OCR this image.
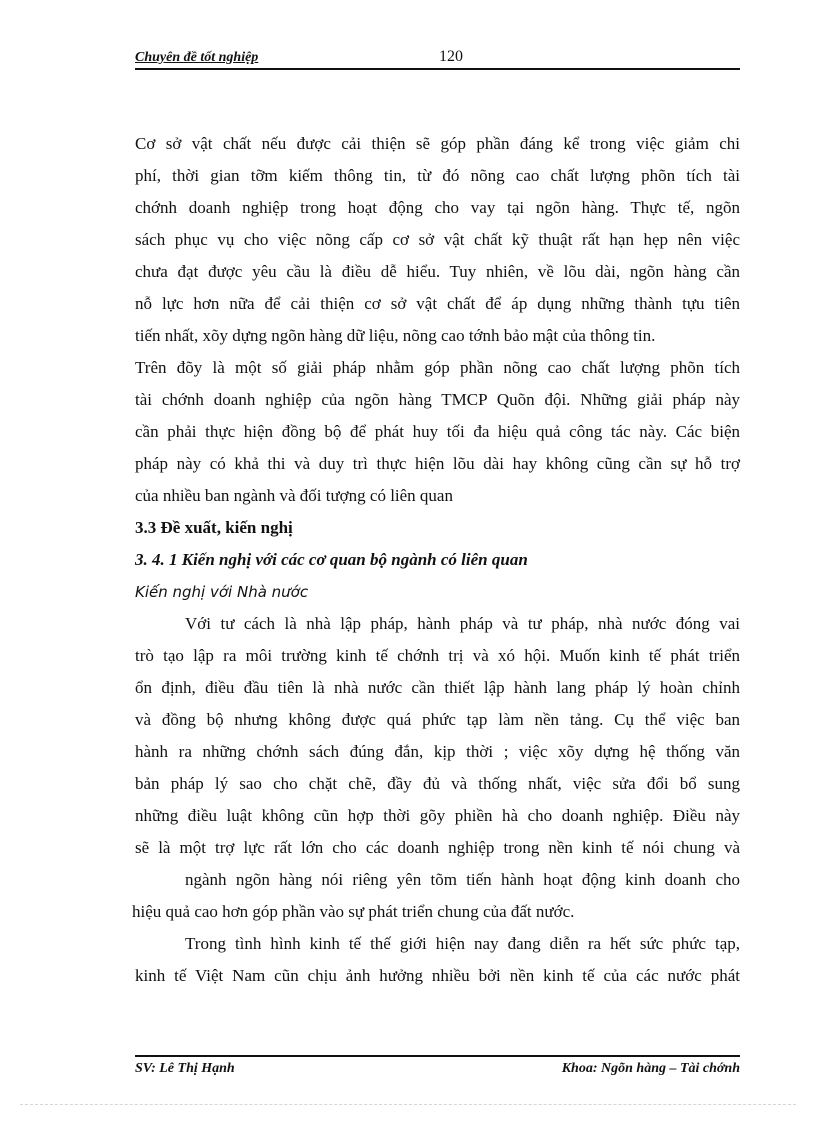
Chuyên đề tốt nghiệp	120
Cơ sở vật chất nếu được cải thiện sẽ góp phần đáng kể trong việc giảm chi
phí, thời gian tỡm kiếm thông tin, từ đó nõng cao chất lượng phõn tích tài
chớnh doanh nghiệp trong hoạt động cho vay tại ngõn hàng. Thực tế, ngõn
sách phục vụ cho việc nõng cấp cơ sở vật chất kỹ thuật rất hạn hẹp nên việc
chưa đạt được yêu cầu là điều dễ hiểu. Tuy nhiên, về lõu dài, ngõn hàng cần
nỗ lực hơn nữa để cải thiện cơ sở vật chất để áp dụng những thành tựu tiên
tiến nhất, xõy dựng ngõn hàng dữ liệu, nõng cao tớnh bảo mật của thông tin.
Trên đõy là một số giải pháp nhằm góp phần nõng cao chất lượng phõn tích
tài chớnh doanh nghiệp của ngõn hàng TMCP Quõn đội. Những giải pháp này
cần phải thực hiện đồng bộ để phát huy tối đa hiệu quả công tác này. Các biện
pháp này có khả thi và duy trì thực hiện lõu dài hay không cũng cần sự hỗ trợ
của nhiều ban ngành và đối tượng có liên quan
3.3 Đề xuất, kiến nghị
3. 4. 1 Kiến nghị với các cơ quan bộ ngành có liên quan
Kiến nghị với Nhà nước
Với tư cách là nhà lập pháp, hành pháp và tư pháp, nhà nước đóng vai
trò tạo lập ra môi trường kinh tế chớnh trị và xó hội. Muốn kinh tế phát triển
ổn định, điều đầu tiên là nhà nước cần thiết lập hành lang pháp lý hoàn chỉnh
và đồng bộ nhưng không được quá phức tạp làm nền tảng. Cụ thể việc ban
hành ra những chớnh sách đúng đắn, kịp thời ; việc xõy dựng hệ thống văn
bản pháp lý sao cho chặt chẽ, đầy đủ và thống nhất, việc sửa đổi bổ sung
những điều luật không cũn hợp thời gõy phiền hà cho doanh nghiệp. Điều này
sẽ là một trợ lực rất lớn cho các doanh nghiệp trong nền kinh tế nói chung và
ngành ngõn hàng nói riêng yên tõm tiến hành hoạt động kinh doanh cho
hiệu quả cao hơn góp phần vào sự phát triển chung của đất nước.
Trong tình hình kinh tế thế giới hiện nay đang diễn ra hết sức phức tạp,
kinh tế Việt Nam cũn chịu ảnh hưởng nhiều bởi nền kinh tế của các nước phát
SV: Lê Thị Hạnh	Khoa: Ngõn hàng – Tài chớnh
